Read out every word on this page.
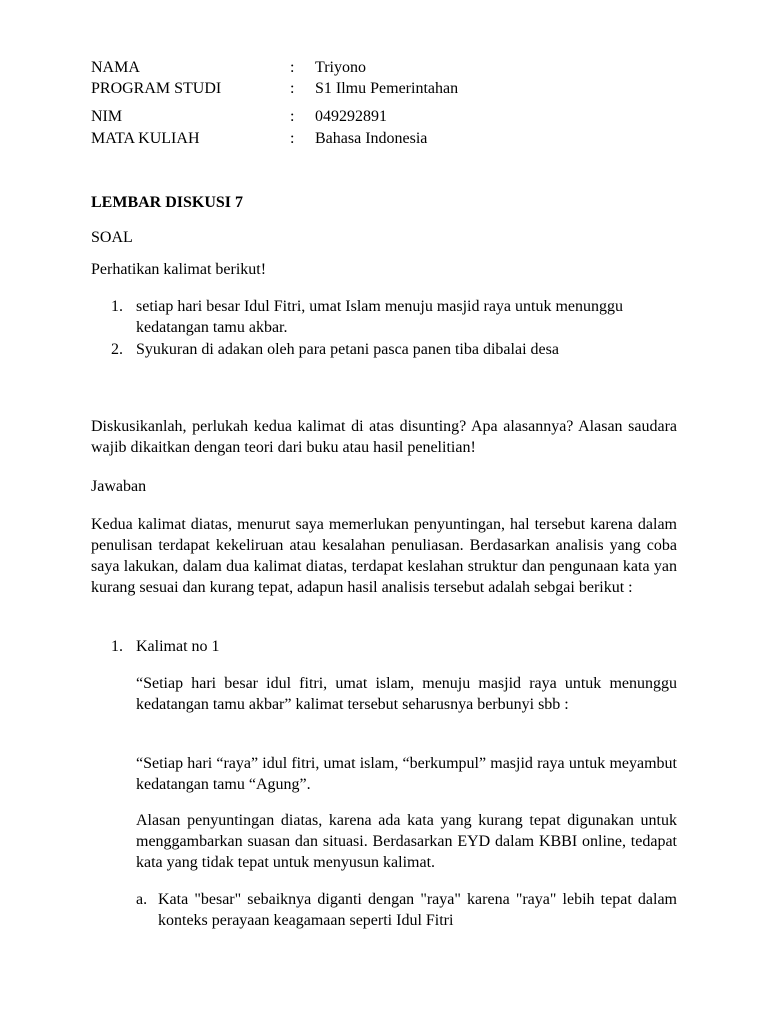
NAMA	: Triyono
PROGRAM STUDI	: S1 Ilmu Pemerintahan
NIM	: 049292891
MATA KULIAH	: Bahasa Indonesia
LEMBAR DISKUSI 7
SOAL
Perhatikan kalimat berikut!
1. setiap hari besar Idul Fitri, umat Islam menuju masjid raya untuk menunggu kedatangan tamu akbar.
2. Syukuran di adakan oleh para petani pasca panen tiba dibalai desa
Diskusikanlah, perlukah kedua kalimat di atas disunting? Apa alasannya? Alasan saudara wajib dikaitkan dengan teori dari buku atau hasil penelitian!
Jawaban
Kedua kalimat diatas, menurut saya memerlukan penyuntingan, hal tersebut karena dalam penulisan terdapat kekeliruan atau kesalahan penuliasan. Berdasarkan analisis yang coba saya lakukan, dalam dua kalimat diatas, terdapat keslahan struktur dan pengunaan kata yan kurang sesuai dan kurang tepat, adapun hasil analisis tersebut adalah sebgai berikut :
1. Kalimat no 1
“Setiap hari besar idul fitri, umat islam, menuju masjid raya untuk menunggu kedatangan tamu akbar” kalimat tersebut seharusnya berbunyi sbb :
“Setiap hari “raya” idul fitri, umat islam, “berkumpul” masjid raya untuk meyambut kedatangan tamu “Agung”.
Alasan penyuntingan diatas, karena ada kata yang kurang tepat digunakan untuk menggambarkan suasan dan situasi. Berdasarkan EYD dalam KBBI online, tedapat kata yang tidak tepat untuk menyusun kalimat.
a. Kata "besar" sebaiknya diganti dengan "raya" karena "raya" lebih tepat dalam konteks perayaan keagamaan seperti Idul Fitri
